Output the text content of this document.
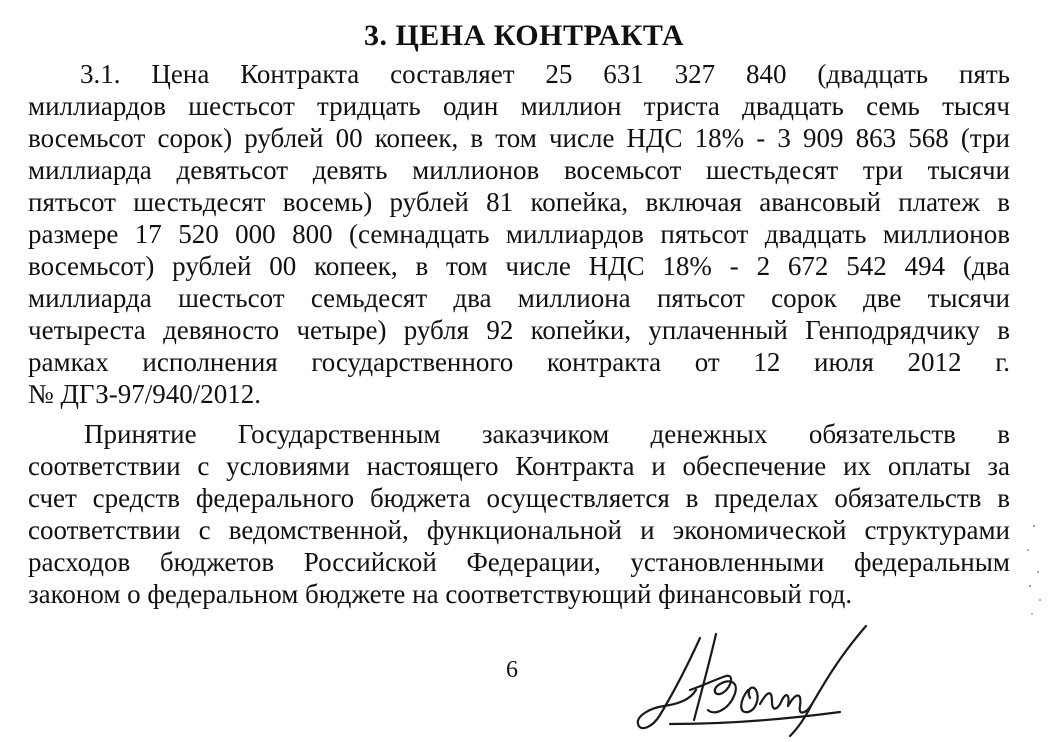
3. ЦЕНА КОНТРАКТА
3.1. Цена Контракта составляет 25 631 327 840 (двадцать пять
миллиардов шестьсот тридцать один миллион триста двадцать семь тысяч
восемьсот сорок) рублей 00 копеек, в том числе НДС 18% - 3 909 863 568 (три
миллиарда девятьсот девять миллионов восемьсот шестьдесят три тысячи
пятьсот шестьдесят восемь) рублей 81 копейка, включая авансовый платеж в
размере 17 520 000 800 (семнадцать миллиардов пятьсот двадцать миллионов
восемьсот) рублей 00 копеек, в том числе НДС 18% - 2 672 542 494 (два
миллиарда шестьсот семьдесят два миллиона пятьсот сорок две тысячи
четыреста девяносто четыре) рубля 92 копейки, уплаченный Генподрядчику в
рамках исполнения государственного контракта от 12 июля 2012 г.
№ ДГЗ-97/940/2012.
Принятие Государственным заказчиком денежных обязательств в
соответствии с условиями настоящего Контракта и обеспечение их оплаты за
счет средств федерального бюджета осуществляется в пределах обязательств в
соответствии с ведомственной, функциональной и экономической структурами
расходов бюджетов Российской Федерации, установленными федеральным
законом о федеральном бюджете на соответствующий финансовый год.
6
